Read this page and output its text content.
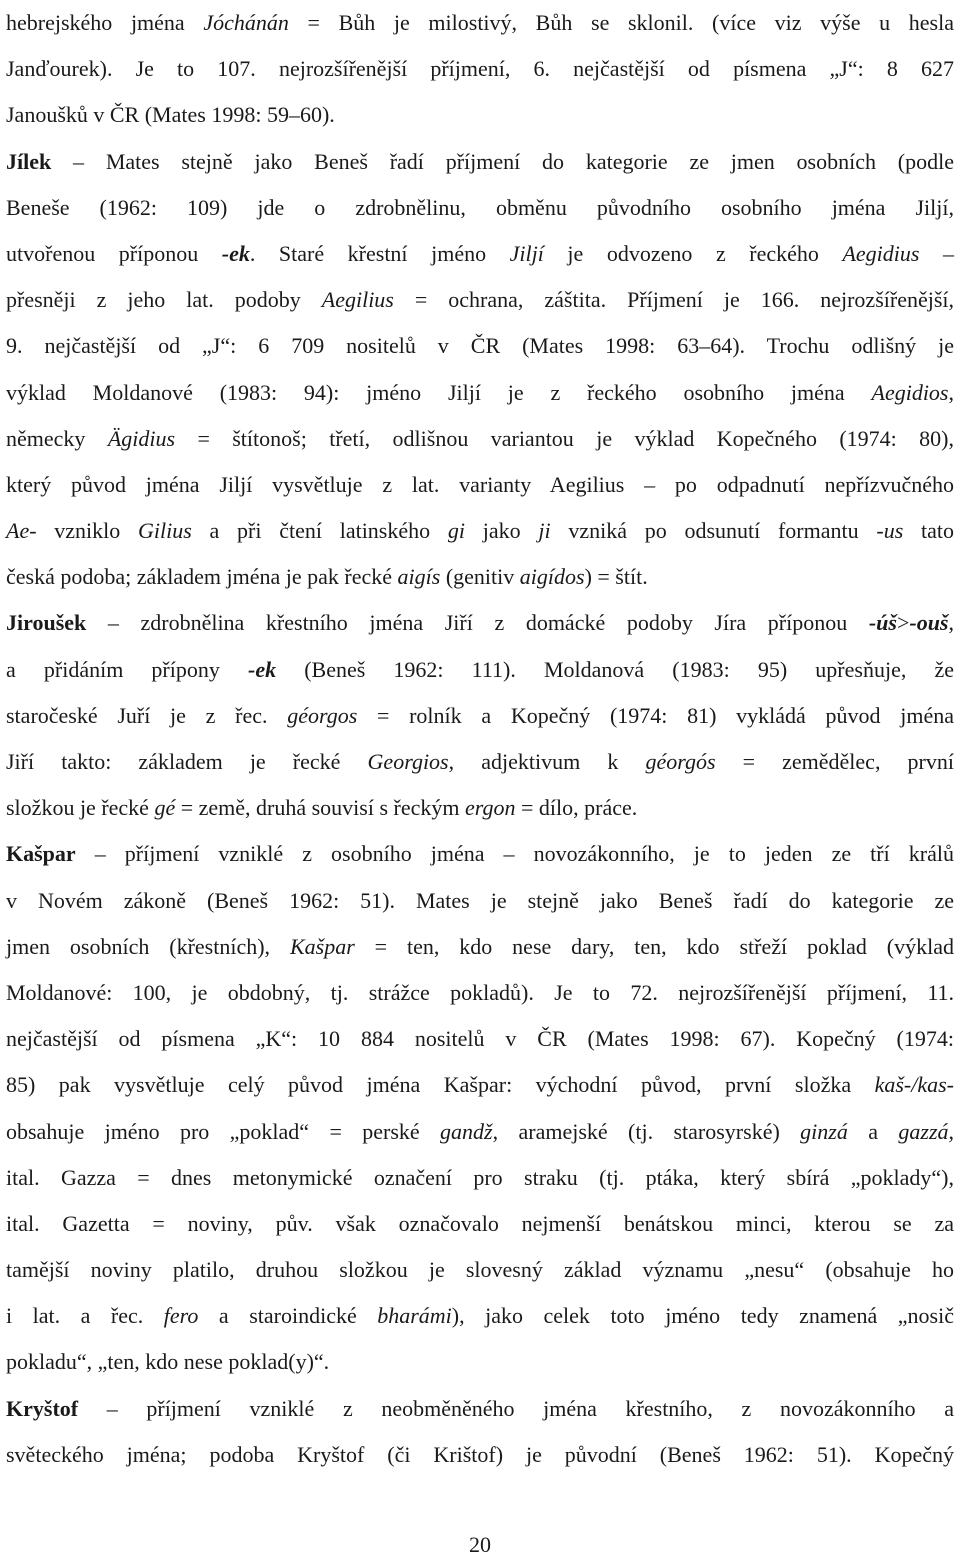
hebrejského jména Jóchánán = Bůh je milostivý, Bůh se sklonil. (více viz výše u hesla
Janďourek). Je to 107. nejrozšířenější příjmení, 6. nejčastější od písmena „J“: 8 627
Janoušků v ČR (Mates 1998: 59–60).
Jílek – Mates stejně jako Beneš řadí příjmení do kategorie ze jmen osobních (podle
Beneše (1962: 109) jde o zdrobnělinu, obměnu původního osobního jména Jiljí,
utvořenou příponou -ek. Staré křestní jméno Jiljí je odvozeno z řeckého Aegidius –
přesněji z jeho lat. podoby Aegilius = ochrana, záštita. Příjmení je 166. nejrozšířenější,
9. nejčastější od „J“: 6 709 nositelů v ČR (Mates 1998: 63–64). Trochu odlišný je
výklad Moldanové (1983: 94): jméno Jiljí je z řeckého osobního jména Aegidios,
německy Ägidius = štítonoš; třetí, odlišnou variantou je výklad Kopečného (1974: 80),
který původ jména Jiljí vysvětluje z lat. varianty Aegilius – po odpadnutí nepřízvučného
Ae- vzniklo Gilius a při čtení latinského gi jako ji vzniká po odsunutí formantu -us tato
česká podoba; základem jména je pak řecké aigís (genitiv aigídos) = štít.
Jiroušek – zdrobnělina křestního jména Jiří z domácké podoby Jíra příponou -úš>-ouš,
a přidáním přípony -ek (Beneš 1962: 111). Moldanová (1983: 95) upřesňuje, že
staročeské Juří je z řec. géorgos = rolník a Kopečný (1974: 81) vykládá původ jména
Jiří takto: základem je řecké Georgios, adjektivum k géorgós = zemědělec, první
složkou je řecké gé = země, druhá souvisí s řeckým ergon = dílo, práce.
Kašpar – příjmení vzniklé z osobního jména – novozákonního, je to jeden ze tří králů
v Novém zákoně (Beneš 1962: 51). Mates je stejně jako Beneš řadí do kategorie ze
jmen osobních (křestních), Kašpar = ten, kdo nese dary, ten, kdo střeží poklad (výklad
Moldanové: 100, je obdobný, tj. strážce pokladů). Je to 72. nejrozšířenější příjmení, 11.
nejčastější od písmena „K“: 10 884 nositelů v ČR (Mates 1998: 67). Kopečný (1974:
85) pak vysvětluje celý původ jména Kašpar: východní původ, první složka kaš-/kas-
obsahuje jméno pro „poklad“ = perské gandž, aramejské (tj. starosyrské) ginzá a gazzá,
ital. Gazza = dnes metonymické označení pro straku (tj. ptáka, který sbírá „poklady“),
ital. Gazetta = noviny, pův. však označovalo nejmenší benátskou minci, kterou se za
tamější noviny platilo, druhou složkou je slovesný základ významu „nesu“ (obsahuje ho
i lat. a řec. fero a staroindické bharámi), jako celek toto jméno tedy znamená „nosič
pokladu“, „ten, kdo nese poklad(y)“.
Kryštof – příjmení vzniklé z neobměněného jména křestního, z novozákonního a
světeckého jména; podoba Kryštof (či Krištof) je původní (Beneš 1962: 51). Kopečný
20
